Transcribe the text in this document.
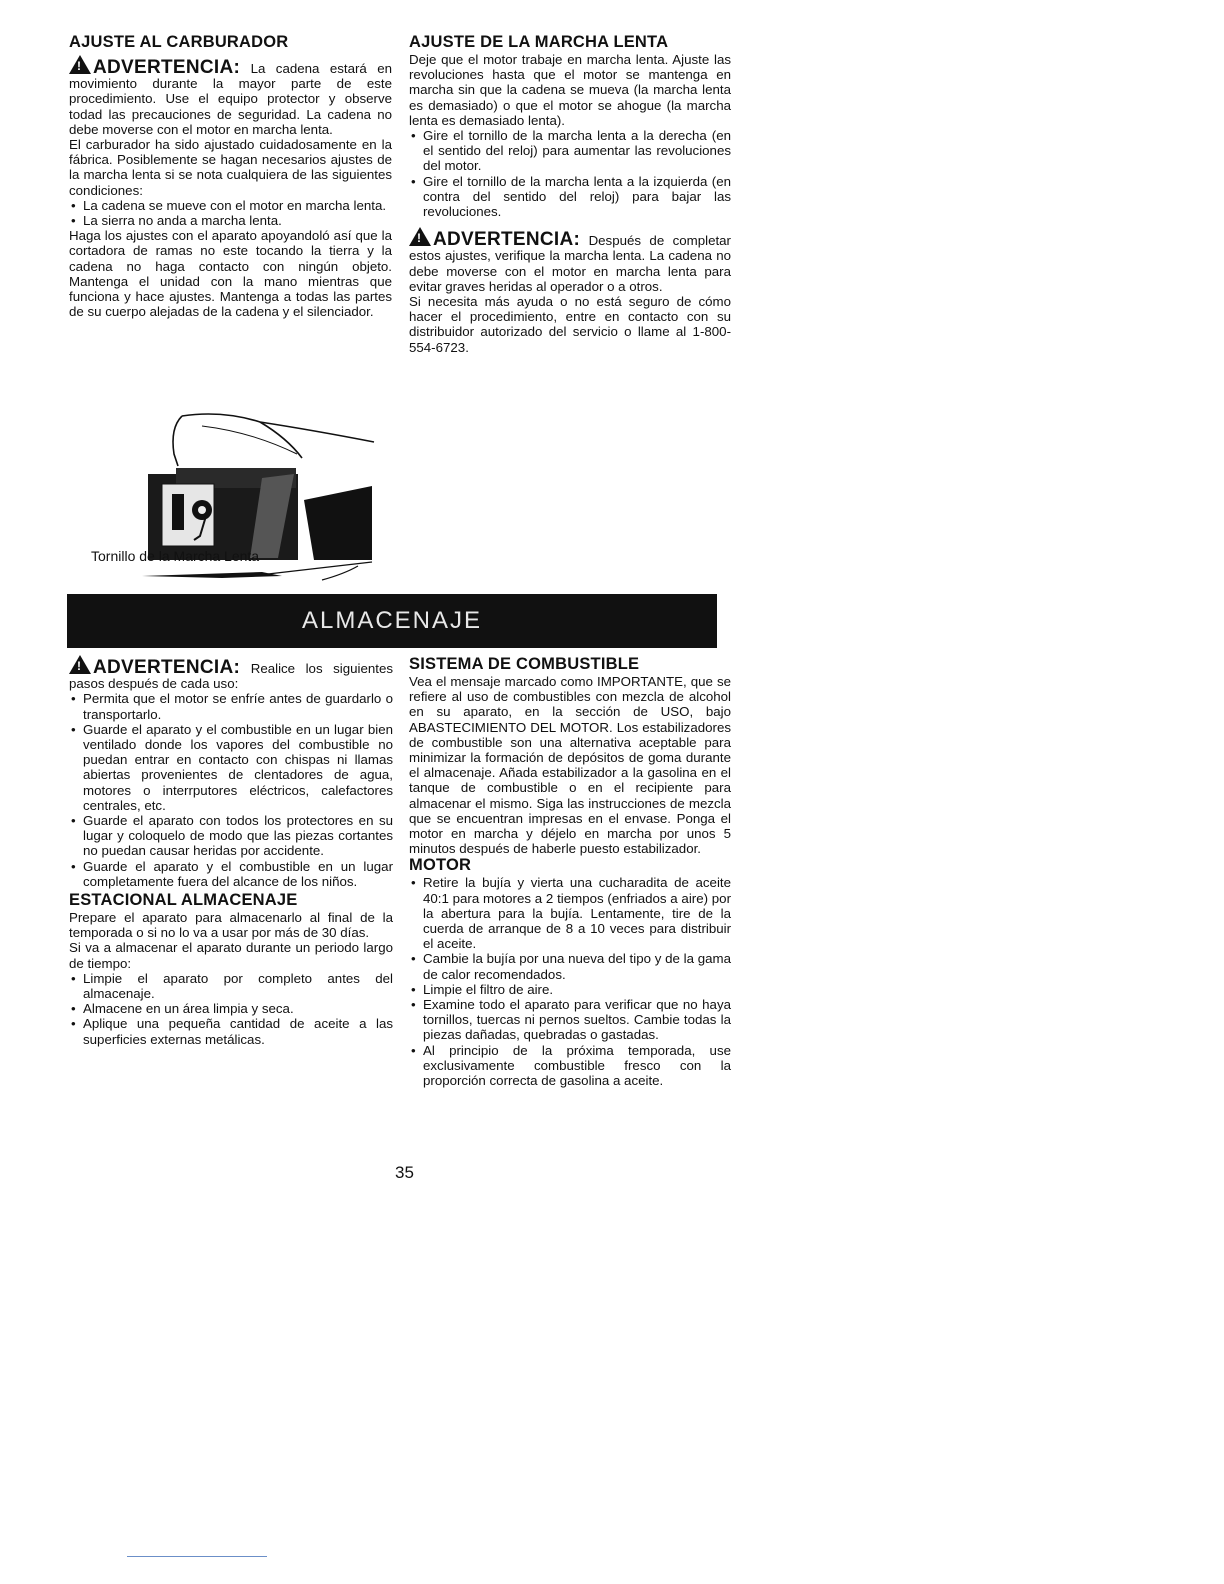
AJUSTE AL CARBURADOR

!ADVERTENCIA: La cadena estará en movimiento durante la mayor parte de este procedimiento. Use el equipo protector y observe todad las precauciones de seguridad. La cadena no debe moverse con el motor en marcha lenta.

El carburador ha sido ajustado cuidadosamente en la fábrica. Posiblemente se hagan necesarios ajustes de la marcha lenta si se nota cualquiera de las siguientes condiciones:

• La cadena se mueve con el motor en marcha lenta.
• La sierra no anda a marcha lenta.

Haga los ajustes con el aparato apoyandoló así que la cortadora de ramas no este tocando la tierra y la cadena no haga contacto con ningún objeto. Mantenga el unidad con la mano mientras que funciona y hace ajustes. Mantenga a todas las partes de su cuerpo alejadas de la cadena y el silenciador.

Tornillo de la Marcha Lenta
AJUSTE DE LA MARCHA LENTA

Deje que el motor trabaje en marcha lenta. Ajuste las revoluciones hasta que el motor se mantenga en marcha sin que la cadena se mueva (la marcha lenta es demasiado) o que el motor se ahogue (la marcha lenta es demasiado lenta).

• Gire el tornillo de la marcha lenta a la derecha (en el sentido del reloj) para aumentar las revoluciones del motor.
• Gire el tornillo de la marcha lenta a la izquierda (en contra del sentido del reloj) para bajar las revoluciones.

!ADVERTENCIA: Después de completar estos ajustes, verifique la marcha lenta. La cadena no debe moverse con el motor en marcha lenta para evitar graves heridas al operador o a otros.

Si necesita más ayuda o no está seguro de cómo hacer el procedimiento, entre en contacto con su distribuidor autorizado del servicio o llame al 1-800-554-6723.

ALMACENAJE

!ADVERTENCIA: Realice los siguientes pasos después de cada uso:

• Permita que el motor se enfríe antes de guardarlo o transportarlo.
• Guarde el aparato y el combustible en un lugar bien ventilado donde los vapores del combustible no puedan entrar en contacto con chispas ni llamas abiertas provenientes de clentadores de agua, motores o interrputores eléctricos, calefactores centrales, etc.
• Guarde el aparato con todos los protectores en su lugar y coloquelo de modo que las piezas cortantes no puedan causar heridas por accidente.
• Guarde el aparato y el combustible en un lugar completamente fuera del alcance de los niños.
ESTACIONAL ALMACENAJE

Prepare el aparato para almacenarlo al final de la temporada o si no lo va a usar por más de 30 días.

Si va a almacenar el aparato durante un periodo largo de tiempo:

• Limpie el aparato por completo antes del almacenaje.
• Almacene en un área limpia y seca.
• Aplique una pequeña cantidad de aceite a las superficies externas metálicas.
SISTEMA DE COMBUSTIBLE

Vea el mensaje marcado como IMPORTANTE, que se refiere al uso de combustibles con mezcla de alcohol en su aparato, en la sección de USO, bajo ABASTECIMIENTO DEL MOTOR. Los estabilizadores de combustible son una alternativa aceptable para minimizar la formación de depósitos de goma durante el almacenaje. Añada estabilizador a la gasolina en el tanque de combustible o en el recipiente para almacenar el mismo. Siga las instrucciones de mezcla que se encuentran impresas en el envase. Ponga el motor en marcha y déjelo en marcha por unos 5 minutos después de haberle puesto estabilizador.

MOTOR
• Retire la bujía y vierta una cucharadita de aceite 40:1 para motores a 2 tiempos (enfriados a aire) por la abertura para la bujía. Lentamente, tire de la cuerda de arranque de 8 a 10 veces para distribuir el aceite.
• Cambie la bujía por una nueva del tipo y de la gama de calor recomendados.
• Limpie el filtro de aire.
• Examine todo el aparato para verificar que no haya tornillos, tuercas ni pernos sueltos. Cambie todas la piezas dañadas, quebradas o gastadas.
• Al principio de la próxima temporada, use exclusivamente combustible fresco con la proporción correcta de gasolina a aceite.
35
